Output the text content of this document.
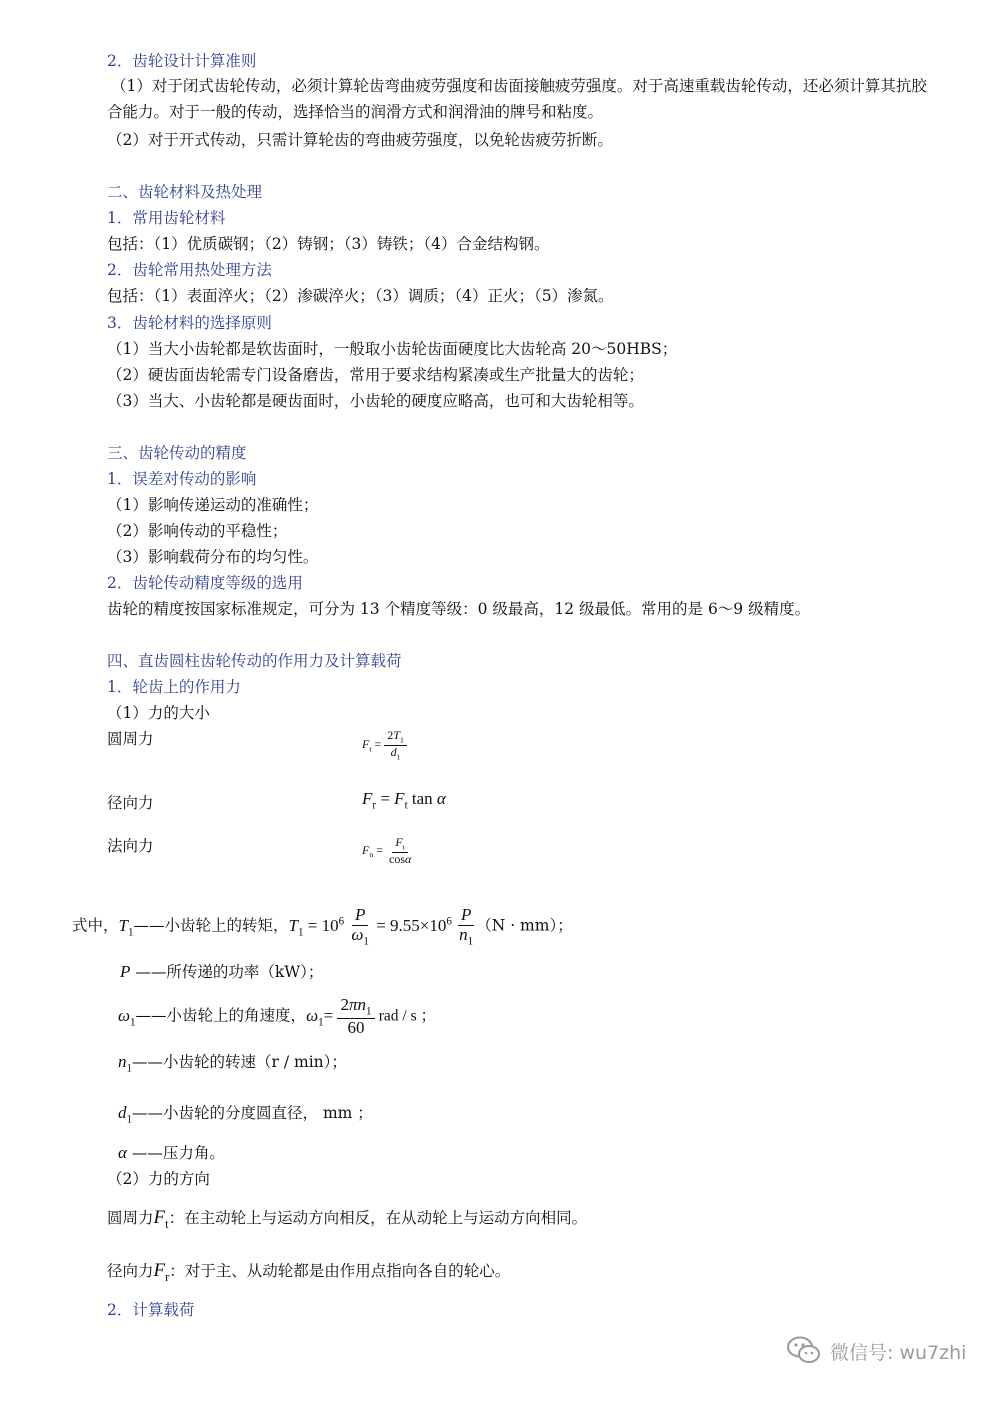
2．齿轮设计计算准则
（1）对于闭式齿轮传动，必须计算轮齿弯曲疲劳强度和齿面接触疲劳强度。对于高速重载齿轮传动，还必须计算其抗胶合能力。对于一般的传动，选择恰当的润滑方式和润滑油的牌号和粘度。
（2）对于开式传动，只需计算轮齿的弯曲疲劳强度，以免轮齿疲劳折断。
二、齿轮材料及热处理
1．常用齿轮材料
包括：（1）优质碳钢；（2）铸钢；（3）铸铁；（4）合金结构钢。
2．齿轮常用热处理方法
包括：（1）表面淬火；（2）渗碳淬火；（3）调质；（4）正火；（5）渗氮。
3．齿轮材料的选择原则
（1）当大小齿轮都是软齿面时，一般取小齿轮齿面硬度比大齿轮高 20～50HBS；
（2）硬齿面齿轮需专门设备磨齿，常用于要求结构紧凑或生产批量大的齿轮；
（3）当大、小齿轮都是硬齿面时，小齿轮的硬度应略高，也可和大齿轮相等。
三、齿轮传动的精度
1．误差对传动的影响
（1）影响传递运动的准确性；
（2）影响传动的平稳性；
（3）影响载荷分布的均匀性。
2．齿轮传动精度等级的选用
齿轮的精度按国家标准规定，可分为 13 个精度等级：0 级最高，12 级最低。常用的是 6～9 级精度。
四、直齿圆柱齿轮传动的作用力及计算载荷
1．轮齿上的作用力
（1）力的大小
圆周力	$F_t = \frac{2T_1}{d_1}$
径向力	$F_r = F_t$ tan α
法向力	$F_n = \frac{F_t}{\cos\alpha}$
式中，$T_1——$小齿轮上的转矩，$T_1 = 10^6 \frac{P}{\omega_1} = 9.55\times 10^6 \frac{P}{n_1} (N \cdot mm)$；
P ——所传递的功率（kW）；
$\omega_1——$小齿轮上的角速度，$\omega_1= \frac{2\pi n_1}{60}$ rad / s ；
$n_1——$小齿轮的转速（r / min）；
$d_1——$小齿轮的分度圆直径， mm ；
α ——压力角。
（2）力的方向
圆周力$F_t$：在主动轮上与运动方向相反，在从动轮上与运动方向相同。
径向力$F_r$：对于主、从动轮都是由作用点指向各自的轮心。
2．计算载荷
微信号: wu7zhi
